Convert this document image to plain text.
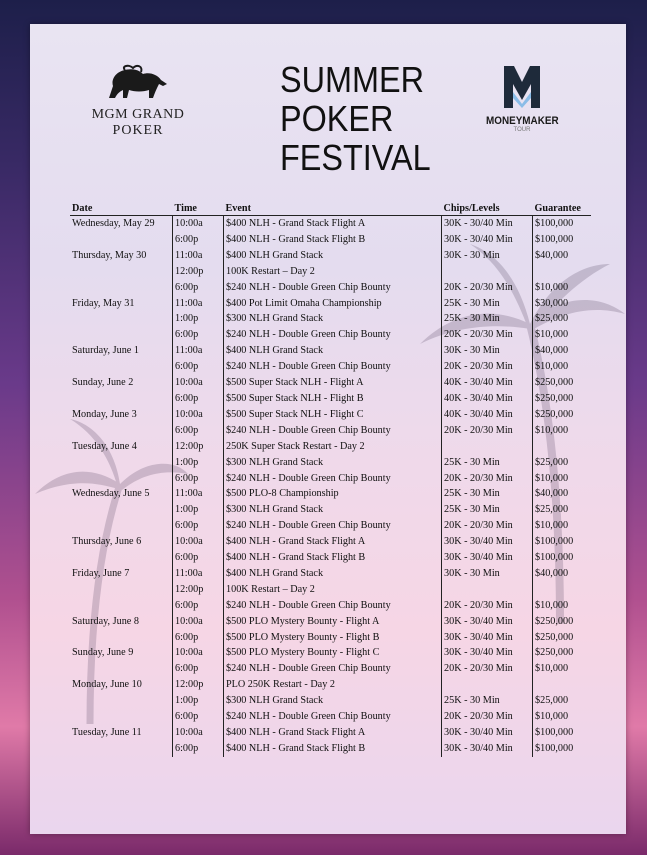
MGM GRAND
POKER
SUMMER
POKER
FESTIVAL
MONEYMAKER
TOUR
Date	Time	Event	Chips/Levels	Guarantee
Wednesday, May 29	10:00a	$400 NLH - Grand Stack Flight A	30K - 30/40 Min	$100,000
	6:00p	$400 NLH - Grand Stack Flight B	30K - 30/40 Min	$100,000
Thursday, May 30	11:00a	$400 NLH Grand Stack	30K - 30 Min	$40,000
	12:00p	100K Restart – Day 2		
	6:00p	$240 NLH - Double Green Chip Bounty	20K - 20/30 Min	$10,000
Friday, May 31	11:00a	$400 Pot Limit Omaha Championship	25K - 30 Min	$30,000
	1:00p	$300 NLH Grand Stack	25K - 30 Min	$25,000
	6:00p	$240 NLH - Double Green Chip Bounty	20K - 20/30 Min	$10,000
Saturday, June 1	11:00a	$400 NLH Grand Stack	30K - 30 Min	$40,000
	6:00p	$240 NLH - Double Green Chip Bounty	20K - 20/30 Min	$10,000
Sunday, June 2	10:00a	$500 Super Stack NLH - Flight A	40K - 30/40 Min	$250,000
	6:00p	$500 Super Stack NLH - Flight B	40K - 30/40 Min	$250,000
Monday, June 3	10:00a	$500 Super Stack NLH - Flight C	40K - 30/40 Min	$250,000
	6:00p	$240 NLH - Double Green Chip Bounty	20K - 20/30 Min	$10,000
Tuesday, June 4	12:00p	250K Super Stack Restart - Day 2		
	1:00p	$300 NLH Grand Stack	25K - 30 Min	$25,000
	6:00p	$240 NLH - Double Green Chip Bounty	20K - 20/30 Min	$10,000
Wednesday, June 5	11:00a	$500 PLO-8 Championship	25K - 30 Min	$40,000
	1:00p	$300 NLH Grand Stack	25K - 30 Min	$25,000
	6:00p	$240 NLH - Double Green Chip Bounty	20K - 20/30 Min	$10,000
Thursday, June 6	10:00a	$400 NLH - Grand Stack Flight A	30K - 30/40 Min	$100,000
	6:00p	$400 NLH - Grand Stack Flight B	30K - 30/40 Min	$100,000
Friday, June 7	11:00a	$400 NLH Grand Stack	30K - 30 Min	$40,000
	12:00p	100K Restart – Day 2		
	6:00p	$240 NLH - Double Green Chip Bounty	20K - 20/30 Min	$10,000
Saturday, June 8	10:00a	$500 PLO Mystery Bounty - Flight A	30K - 30/40 Min	$250,000
	6:00p	$500 PLO Mystery Bounty - Flight B	30K - 30/40 Min	$250,000
Sunday, June 9	10:00a	$500 PLO Mystery Bounty - Flight C	30K - 30/40 Min	$250,000
	6:00p	$240 NLH - Double Green Chip Bounty	20K - 20/30 Min	$10,000
Monday, June 10	12:00p	PLO 250K Restart - Day 2		
	1:00p	$300 NLH Grand Stack	25K - 30 Min	$25,000
	6:00p	$240 NLH - Double Green Chip Bounty	20K - 20/30 Min	$10,000
Tuesday, June 11	10:00a	$400 NLH - Grand Stack Flight A	30K - 30/40 Min	$100,000
	6:00p	$400 NLH - Grand Stack Flight B	30K - 30/40 Min	$100,000
